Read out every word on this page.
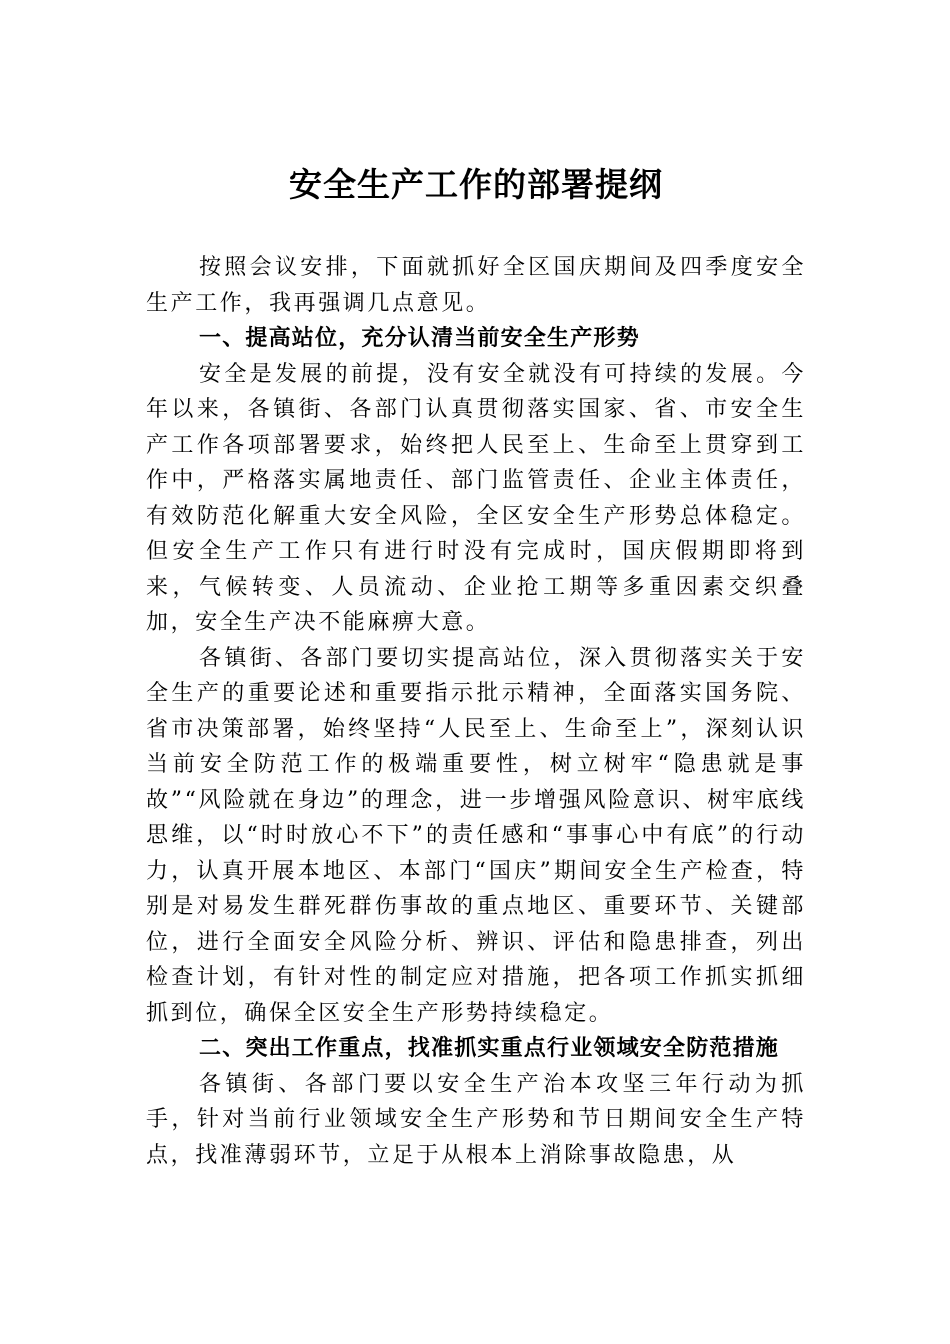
安全生产工作的部署提纲

按照会议安排，下面就抓好全区国庆期间及四季度安全生产工作，我再强调几点意见。

一、提高站位，充分认清当前安全生产形势

安全是发展的前提，没有安全就没有可持续的发展。今年以来，各镇街、各部门认真贯彻落实国家、省、市安全生产工作各项部署要求，始终把人民至上、生命至上贯穿到工作中，严格落实属地责任、部门监管责任、企业主体责任，有效防范化解重大安全风险，全区安全生产形势总体稳定。但安全生产工作只有进行时没有完成时，国庆假期即将到来，气候转变、人员流动、企业抢工期等多重因素交织叠加，安全生产决不能麻痹大意。

各镇街、各部门要切实提高站位，深入贯彻落实关于安全生产的重要论述和重要指示批示精神，全面落实国务院、省市决策部署，始终坚持“人民至上、生命至上”，深刻认识当前安全防范工作的极端重要性，树立树牢“隐患就是事故”“风险就在身边”的理念，进一步增强风险意识、树牢底线思维，以“时时放心不下”的责任感和“事事心中有底”的行动力，认真开展本地区、本部门“国庆”期间安全生产检查，特别是对易发生群死群伤事故的重点地区、重要环节、关键部位，进行全面安全风险分析、辨识、评估和隐患排查，列出检查计划，有针对性的制定应对措施，把各项工作抓实抓细抓到位，确保全区安全生产形势持续稳定。

二、突出工作重点，找准抓实重点行业领域安全防范措施

各镇街、各部门要以安全生产治本攻坚三年行动为抓手，针对当前行业领域安全生产形势和节日期间安全生产特点，找准薄弱环节，立足于从根本上消除事故隐患，从
